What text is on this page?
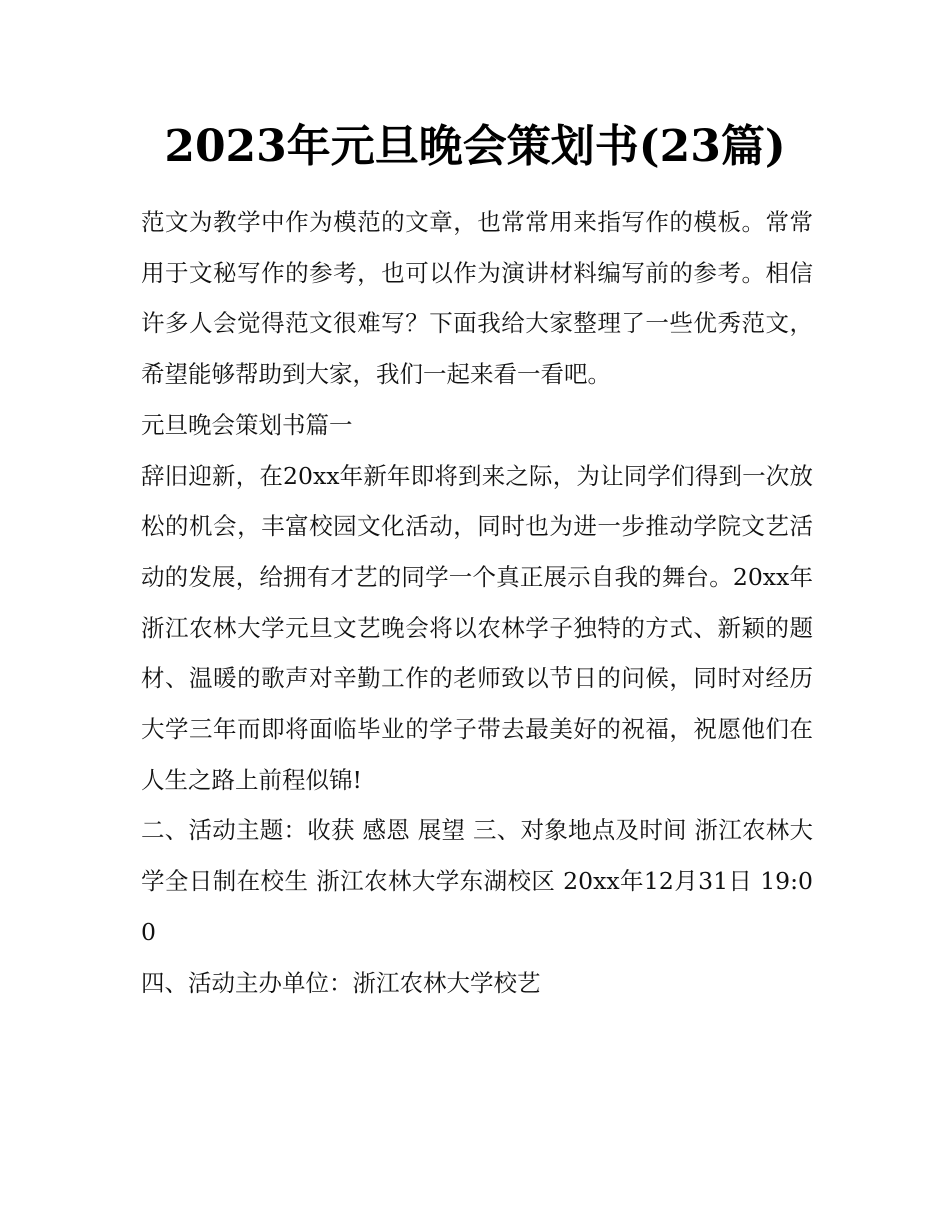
2023年元旦晚会策划书(23篇)

范文为教学中作为模范的文章，也常常用来指写作的模板。常常用于文秘写作的参考，也可以作为演讲材料编写前的参考。相信许多人会觉得范文很难写？下面我给大家整理了一些优秀范文，希望能够帮助到大家，我们一起来看一看吧。

元旦晚会策划书篇一

辞旧迎新，在20xx年新年即将到来之际，为让同学们得到一次放松的机会，丰富校园文化活动，同时也为进一步推动学院文艺活动的发展，给拥有才艺的同学一个真正展示自我的舞台。20xx年浙江农林大学元旦文艺晚会将以农林学子独特的方式、新颖的题材、温暖的歌声对辛勤工作的老师致以节日的问候，同时对经历大学三年而即将面临毕业的学子带去最美好的祝福，祝愿他们在人生之路上前程似锦!

二、活动主题：收获 感恩 展望 三、对象地点及时间 浙江农林大学全日制在校生 浙江农林大学东湖校区 20xx年12月31日 19:00

四、活动主办单位：浙江农林大学校艺
